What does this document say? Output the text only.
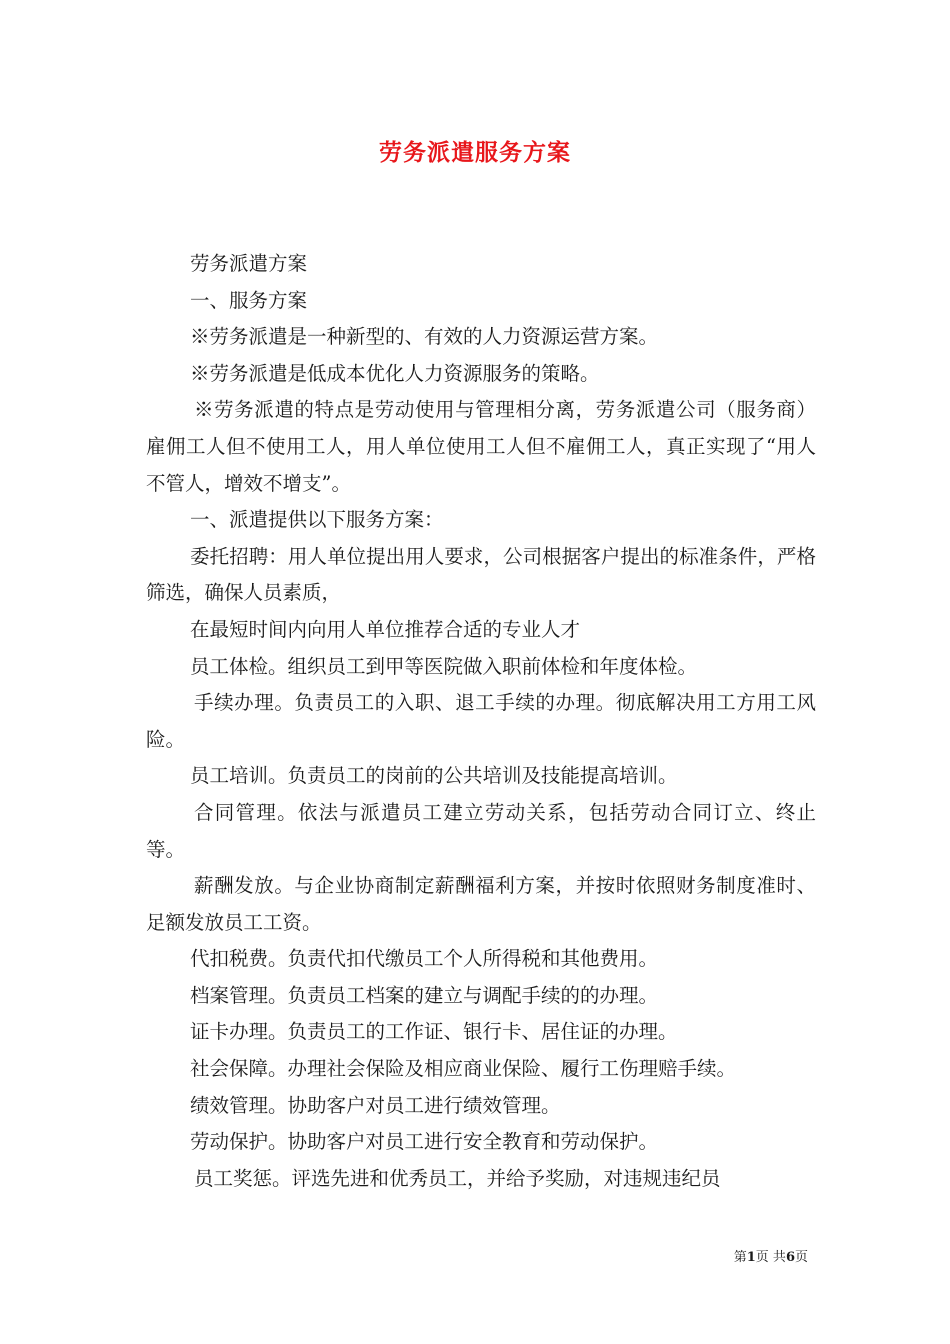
劳务派遣服务方案

劳务派遣方案

一、服务方案

※劳务派遣是一种新型的、有效的人力资源运营方案。

※劳务派遣是低成本优化人力资源服务的策略。

※劳务派遣的特点是劳动使用与管理相分离，劳务派遣公司（服务商）雇佣工人但不使用工人，用人单位使用工人但不雇佣工人，真正实现了“用人不管人，增效不增支”。

一、派遣提供以下服务方案：

委托招聘：用人单位提出用人要求，公司根据客户提出的标准条件，严格筛选，确保人员素质，

在最短时间内向用人单位推荐合适的专业人才

员工体检。组织员工到甲等医院做入职前体检和年度体检。

手续办理。负责员工的入职、退工手续的办理。彻底解决用工方用工风险。

员工培训。负责员工的岗前的公共培训及技能提高培训。

合同管理。依法与派遣员工建立劳动关系，包括劳动合同订立、终止等。

薪酬发放。与企业协商制定薪酬福利方案，并按时依照财务制度准时、足额发放员工工资。

代扣税费。负责代扣代缴员工个人所得税和其他费用。

档案管理。负责员工档案的建立与调配手续的的办理。

证卡办理。负责员工的工作证、银行卡、居住证的办理。

社会保障。办理社会保险及相应商业保险、履行工伤理赔手续。

绩效管理。协助客户对员工进行绩效管理。

劳动保护。协助客户对员工进行安全教育和劳动保护。

员工奖惩。评选先进和优秀员工，并给予奖励，对违规违纪员

第1页 共6页
